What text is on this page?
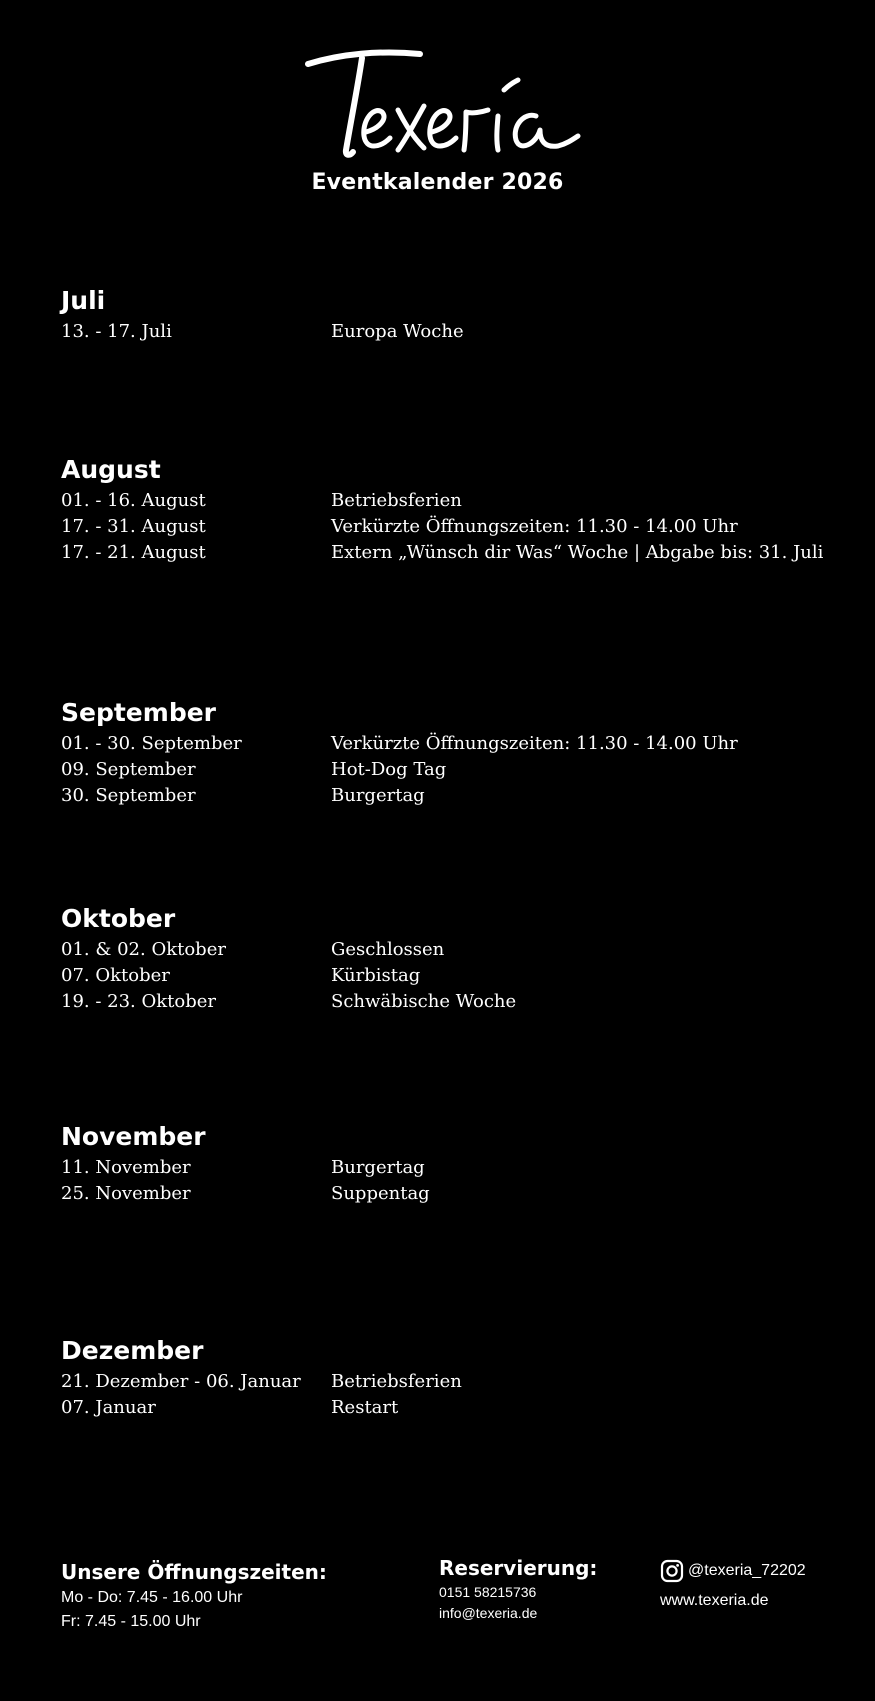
Eventkalender 2026
Juli
13. - 17. Juli	Europa Woche
August
01. - 16. August	Betriebsferien
17. - 31. August	Verkürzte Öffnungszeiten: 11.30 - 14.00 Uhr
17. - 21. August	Extern „Wünsch dir Was“ Woche | Abgabe bis: 31. Juli
September
01. - 30. September	Verkürzte Öffnungszeiten: 11.30 - 14.00 Uhr
09. September	Hot-Dog Tag
30. September	Burgertag
Oktober
01. & 02. Oktober	Geschlossen
07. Oktober	Kürbistag
19. - 23. Oktober	Schwäbische Woche
November
11. November	Burgertag
25. November	Suppentag
Dezember
21. Dezember - 06. Januar	Betriebsferien
07. Januar	Restart
Unsere Öffnungszeiten:
Mo - Do: 7.45 - 16.00 Uhr
Fr: 7.45 - 15.00 Uhr
Reservierung:
0151 58215736
info@texeria.de
@texeria_72202
www.texeria.de
